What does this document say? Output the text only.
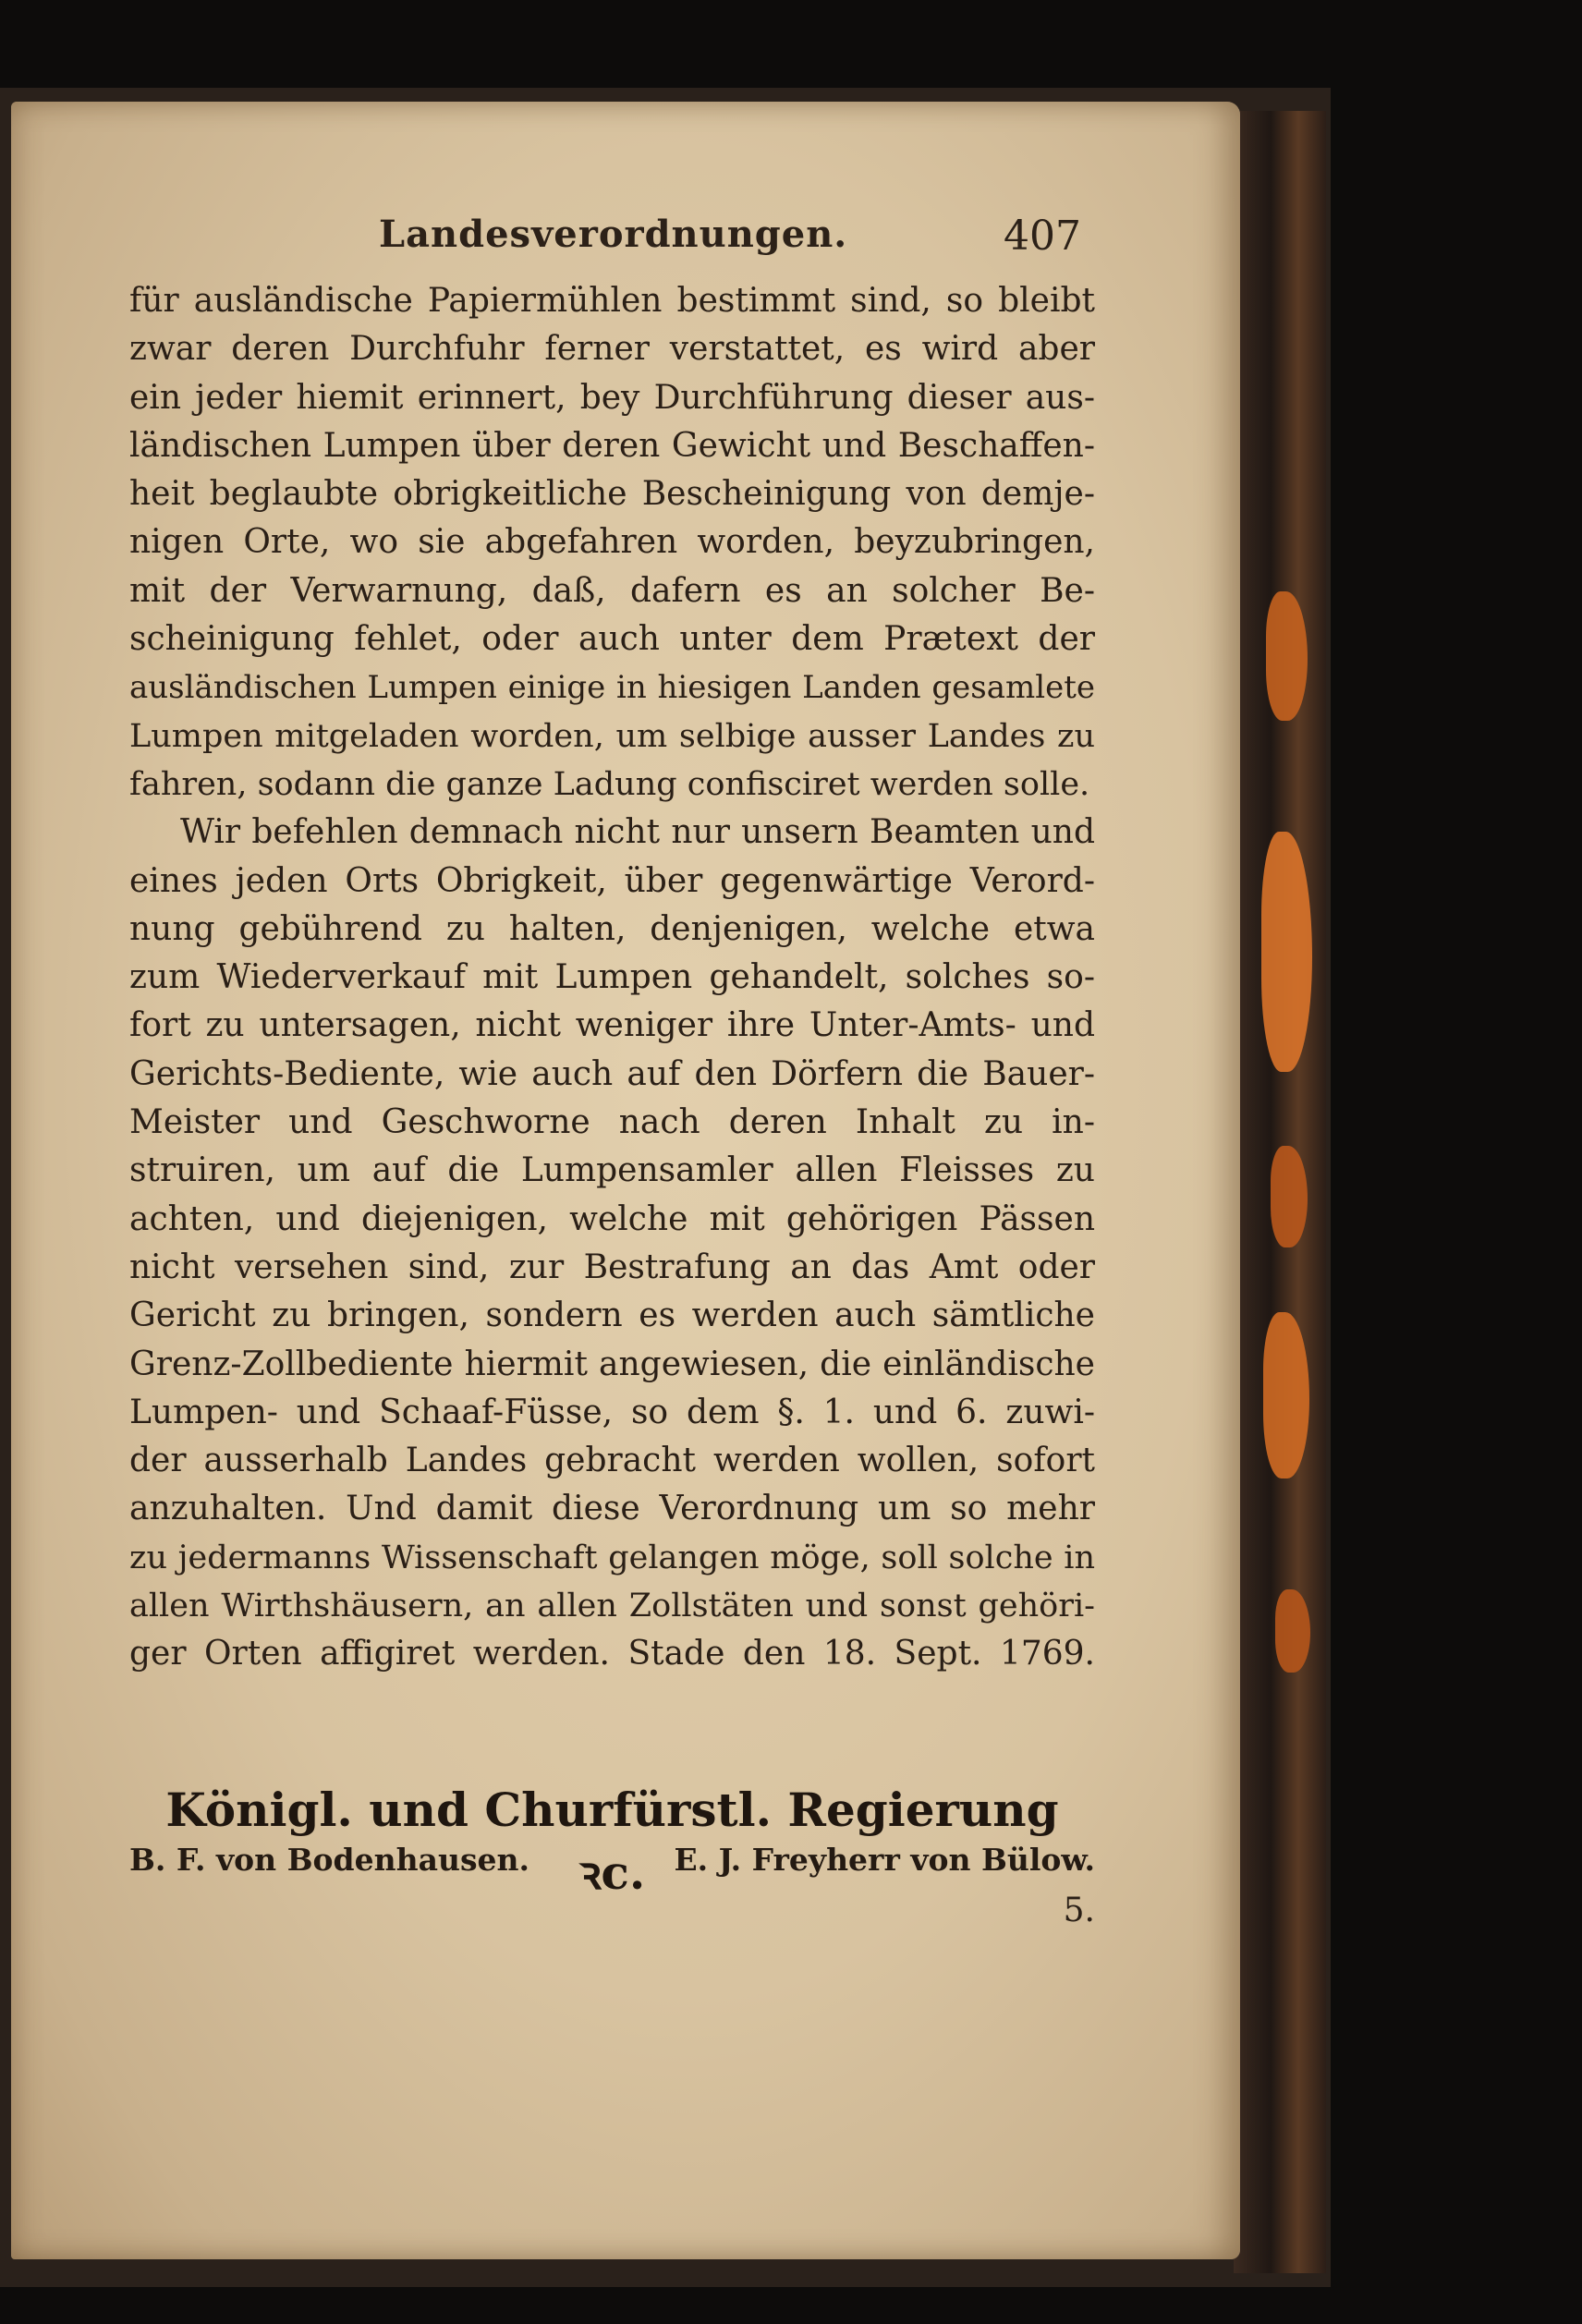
Landesverordnungen.	407
für ausländische Papiermühlen bestimmt sind, so bleibt
zwar deren Durchfuhr ferner verstattet, es wird aber
ein jeder hiemit erinnert, bey Durchführung dieser aus-
ländischen Lumpen über deren Gewicht und Beschaffen-
heit beglaubte obrigkeitliche Bescheinigung von demje-
nigen Orte, wo sie abgefahren worden, beyzubringen,
mit der Verwarnung, daß, dafern es an solcher Be-
scheinigung fehlet, oder auch unter dem Prætext der
ausländischen Lumpen einige in hiesigen Landen gesamlete
Lumpen mitgeladen worden, um selbige ausser Landes zu
fahren, sodann die ganze Ladung confisciret werden solle.
Wir befehlen demnach nicht nur unsern Beamten und
eines jeden Orts Obrigkeit, über gegenwärtige Verord-
nung gebührend zu halten, denjenigen, welche etwa
zum Wiederverkauf mit Lumpen gehandelt, solches so-
fort zu untersagen, nicht weniger ihre Unter-Amts- und
Gerichts-Bediente, wie auch auf den Dörfern die Bauer-
Meister und Geschworne nach deren Inhalt zu in-
struiren, um auf die Lumpensamler allen Fleisses zu
achten, und diejenigen, welche mit gehörigen Pässen
nicht versehen sind, zur Bestrafung an das Amt oder
Gericht zu bringen, sondern es werden auch sämtliche
Grenz-Zollbediente hiermit angewiesen, die einländische
Lumpen- und Schaaf-Füsse, so dem §. 1. und 6. zuwi-
der ausserhalb Landes gebracht werden wollen, sofort
anzuhalten. Und damit diese Verordnung um so mehr
zu jedermanns Wissenschaft gelangen möge, soll solche in
allen Wirthshäusern, an allen Zollstäten und sonst gehöri-
ger Orten affigiret werden. Stade den 18. Sept. 1769.
Königl. und Churfürstl. Regierung ꝛc.
B. F. von Bodenhausen.	E. J. Freyherr von Bülow.
5.
